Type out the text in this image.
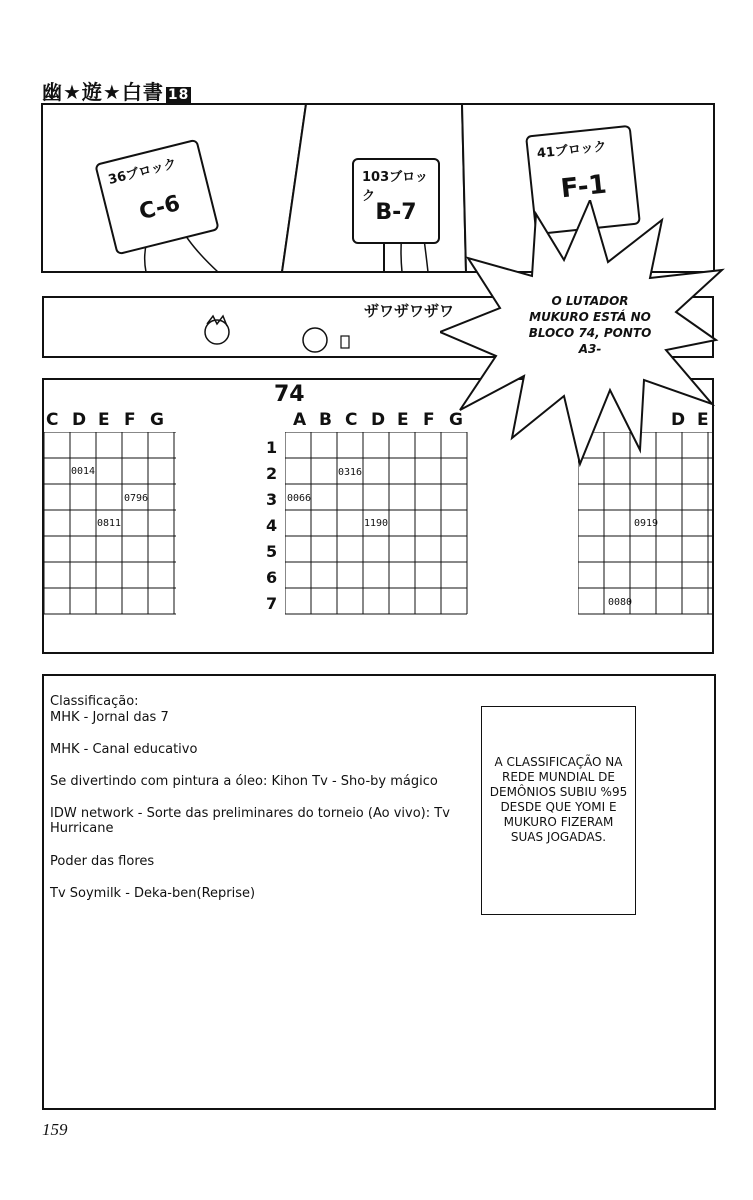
幽★遊★白書 18
36ブロック
C-6
103ブロック
B-7
41ブロック
F-1
ザワザワザワ
74
C D E F G
0014
0796
0811
A B C D E F G
1
2
3
4
5
6
7
0316
0066
1190
D E
0919
0080
O LUTADOR MUKURO ESTÁ NO BLOCO 74, PONTO A3-
Classificação:
MHK - Jornal das 7
MHK - Canal educativo
Se divertindo com pintura a óleo: Kihon Tv - Sho-by mágico
IDW network - Sorte das preliminares do torneio (Ao vivo): Tv Hurricane
Poder das flores
Tv Soymilk - Deka-ben(Reprise)
A CLASSIFICAÇÃO NA REDE MUNDIAL DE DEMÔNIOS SUBIU %95 DESDE QUE YOMI E MUKURO FIZERAM SUAS JOGADAS.
159
